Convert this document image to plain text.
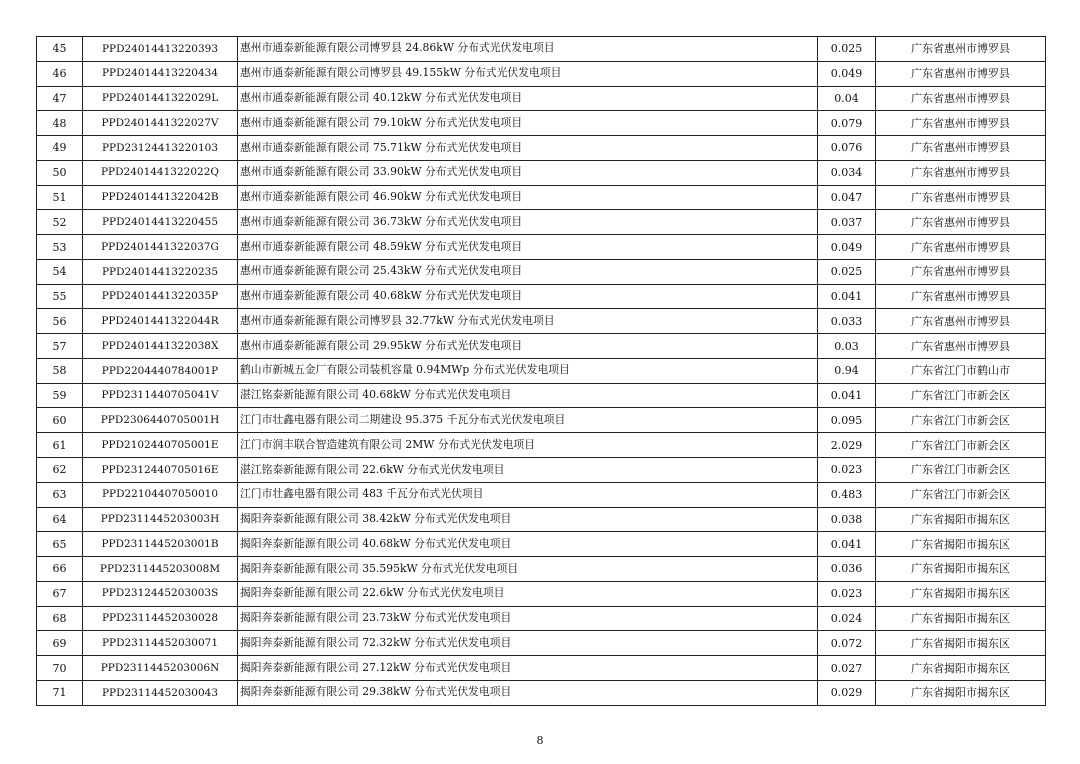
45	PPD24014413220393	惠州市通泰新能源有限公司博罗县 24.86kW 分布式光伏发电项目	0.025	广东省惠州市博罗县
46	PPD24014413220434	惠州市通泰新能源有限公司博罗县 49.155kW 分布式光伏发电项目	0.049	广东省惠州市博罗县
47	PPD2401441322029L	惠州市通泰新能源有限公司 40.12kW 分布式光伏发电项目	0.04	广东省惠州市博罗县
48	PPD2401441322027V	惠州市通泰新能源有限公司 79.10kW 分布式光伏发电项目	0.079	广东省惠州市博罗县
49	PPD23124413220103	惠州市通泰新能源有限公司 75.71kW 分布式光伏发电项目	0.076	广东省惠州市博罗县
50	PPD2401441322022Q	惠州市通泰新能源有限公司 33.90kW 分布式光伏发电项目	0.034	广东省惠州市博罗县
51	PPD2401441322042B	惠州市通泰新能源有限公司 46.90kW 分布式光伏发电项目	0.047	广东省惠州市博罗县
52	PPD24014413220455	惠州市通泰新能源有限公司 36.73kW 分布式光伏发电项目	0.037	广东省惠州市博罗县
53	PPD2401441322037G	惠州市通泰新能源有限公司 48.59kW 分布式光伏发电项目	0.049	广东省惠州市博罗县
54	PPD24014413220235	惠州市通泰新能源有限公司 25.43kW 分布式光伏发电项目	0.025	广东省惠州市博罗县
55	PPD2401441322035P	惠州市通泰新能源有限公司 40.68kW 分布式光伏发电项目	0.041	广东省惠州市博罗县
56	PPD2401441322044R	惠州市通泰新能源有限公司博罗县 32.77kW 分布式光伏发电项目	0.033	广东省惠州市博罗县
57	PPD2401441322038X	惠州市通泰新能源有限公司 29.95kW 分布式光伏发电项目	0.03	广东省惠州市博罗县
58	PPD2204440784001P	鹤山市新城五金厂有限公司装机容量 0.94MWp 分布式光伏发电项目	0.94	广东省江门市鹤山市
59	PPD2311440705041V	湛江铭泰新能源有限公司 40.68kW 分布式光伏发电项目	0.041	广东省江门市新会区
60	PPD2306440705001H	江门市壮鑫电器有限公司二期建设 95.375 千瓦分布式光伏发电项目	0.095	广东省江门市新会区
61	PPD2102440705001E	江门市润丰联合智造建筑有限公司 2MW 分布式光伏发电项目	2.029	广东省江门市新会区
62	PPD2312440705016E	湛江铭泰新能源有限公司 22.6kW 分布式光伏发电项目	0.023	广东省江门市新会区
63	PPD22104407050010	江门市壮鑫电器有限公司 483 千瓦分布式光伏项目	0.483	广东省江门市新会区
64	PPD2311445203003H	揭阳奔泰新能源有限公司 38.42kW 分布式光伏发电项目	0.038	广东省揭阳市揭东区
65	PPD2311445203001B	揭阳奔泰新能源有限公司 40.68kW 分布式光伏发电项目	0.041	广东省揭阳市揭东区
66	PPD2311445203008M	揭阳奔泰新能源有限公司 35.595kW 分布式光伏发电项目	0.036	广东省揭阳市揭东区
67	PPD2312445203003S	揭阳奔泰新能源有限公司 22.6kW 分布式光伏发电项目	0.023	广东省揭阳市揭东区
68	PPD23114452030028	揭阳奔泰新能源有限公司 23.73kW 分布式光伏发电项目	0.024	广东省揭阳市揭东区
69	PPD23114452030071	揭阳奔泰新能源有限公司 72.32kW 分布式光伏发电项目	0.072	广东省揭阳市揭东区
70	PPD2311445203006N	揭阳奔泰新能源有限公司 27.12kW 分布式光伏发电项目	0.027	广东省揭阳市揭东区
71	PPD23114452030043	揭阳奔泰新能源有限公司 29.38kW 分布式光伏发电项目	0.029	广东省揭阳市揭东区
8
